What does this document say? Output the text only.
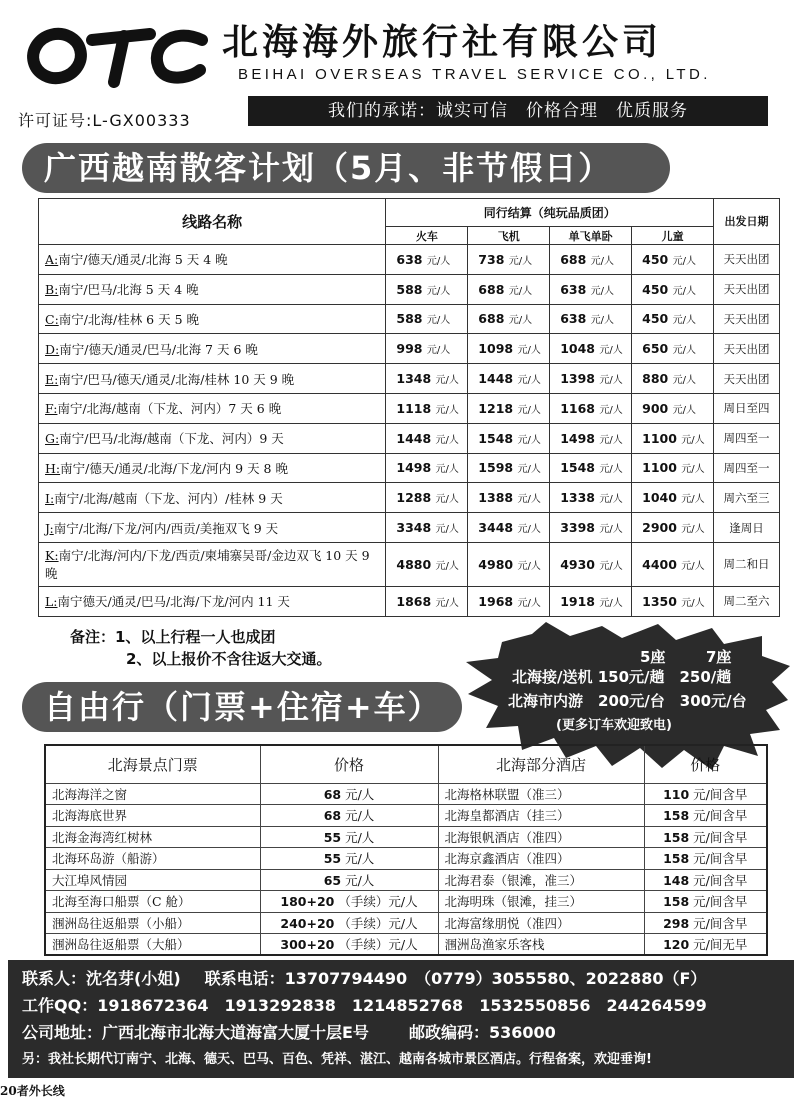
北海海外旅行社有限公司
BEIHAI OVERSEAS TRAVEL SERVICE CO., LTD.
许可证号:L-GX00333	我们的承诺：诚实可信　价格合理　优质服务
广西越南散客计划（5月、非节假日）
线路名称	同行结算（纯玩品质团）				出发日期
	火车	飞机	单飞单卧	儿童	
A:南宁/德天/通灵/北海 5 天 4 晚	638 元/人	738 元/人	688 元/人	450 元/人	天天出团
B:南宁/巴马/北海 5 天 4 晚	588 元/人	688 元/人	638 元/人	450 元/人	天天出团
C:南宁/北海/桂林 6 天 5 晚	588 元/人	688 元/人	638 元/人	450 元/人	天天出团
D:南宁/德天/通灵/巴马/北海 7 天 6 晚	998 元/人	1098 元/人	1048 元/人	650 元/人	天天出团
E:南宁/巴马/德天/通灵/北海/桂林 10 天 9 晚	1348 元/人	1448 元/人	1398 元/人	880 元/人	天天出团
F:南宁/北海/越南（下龙、河内）7 天 6 晚	1118 元/人	1218 元/人	1168 元/人	900 元/人	周日至四
G:南宁/巴马/北海/越南（下龙、河内）9 天	1448 元/人	1548 元/人	1498 元/人	1100 元/人	周四至一
H:南宁/德天/通灵/北海/下龙/河内 9 天 8 晚	1498 元/人	1598 元/人	1548 元/人	1100 元/人	周四至一
I:南宁/北海/越南（下龙、河内）/桂林 9 天	1288 元/人	1388 元/人	1338 元/人	1040 元/人	周六至三
J:南宁/北海/下龙/河内/西贡/美拖双飞 9 天	3348 元/人	3448 元/人	3398 元/人	2900 元/人	逢周日
K:南宁/北海/河内/下龙/西贡/柬埔寨吴哥/金边双飞 10 天 9 晚	4880 元/人	4980 元/人	4930 元/人	4400 元/人	周二和日
L:南宁德天/通灵/巴马/北海/下龙/河内 11 天	1868 元/人	1968 元/人	1918 元/人	1350 元/人	周二至六
备注：1、以上行程一人也成团
2、以上报价不含往返大交通。	5座	7座
北海接/送机 150元/趟　250/趟
北海市内游　200元/台　300元/台
(更多订车欢迎致电)
自由行（门票+住宿+车）
北海景点门票	价格	北海部分酒店	价格
北海海洋之窗	68 元/人	北海格林联盟（准三）	110 元/间含早
北海海底世界	68 元/人	北海皇都酒店（挂三）	158 元/间含早
北海金海湾红树林	55 元/人	北海银帆酒店（准四）	158 元/间含早
北海环岛游（船游）	55 元/人	北海京鑫酒店（准四）	158 元/间含早
大江埠风情园	65 元/人	北海君泰（银滩，准三）	148 元/间含早
北海至海口船票（C 舱）	180+20 （手续）元/人	北海明珠（银滩，挂三）	158 元/间含早
涠洲岛往返船票（小船）	240+20 （手续）元/人	北海富缘朋悦（准四）	298 元/间含早
涠洲岛往返船票（大船）	300+20 （手续）元/人	涠洲岛渔家乐客栈	120 元/间无早
联系人：沈名芽(小姐) 联系电话：13707794490　（0779）3055580、2022880（F）
工作QQ：1918672364　1913292838　1214852768　1532550856　244264599
公司地址：广西北海市北海大道海富大厦十层E号	邮政编码：536000
另：我社长期代订南宁、北海、德天、巴马、百色、凭祥、湛江、越南各城市景区酒店。行程备案，欢迎垂询!
20者外长线
